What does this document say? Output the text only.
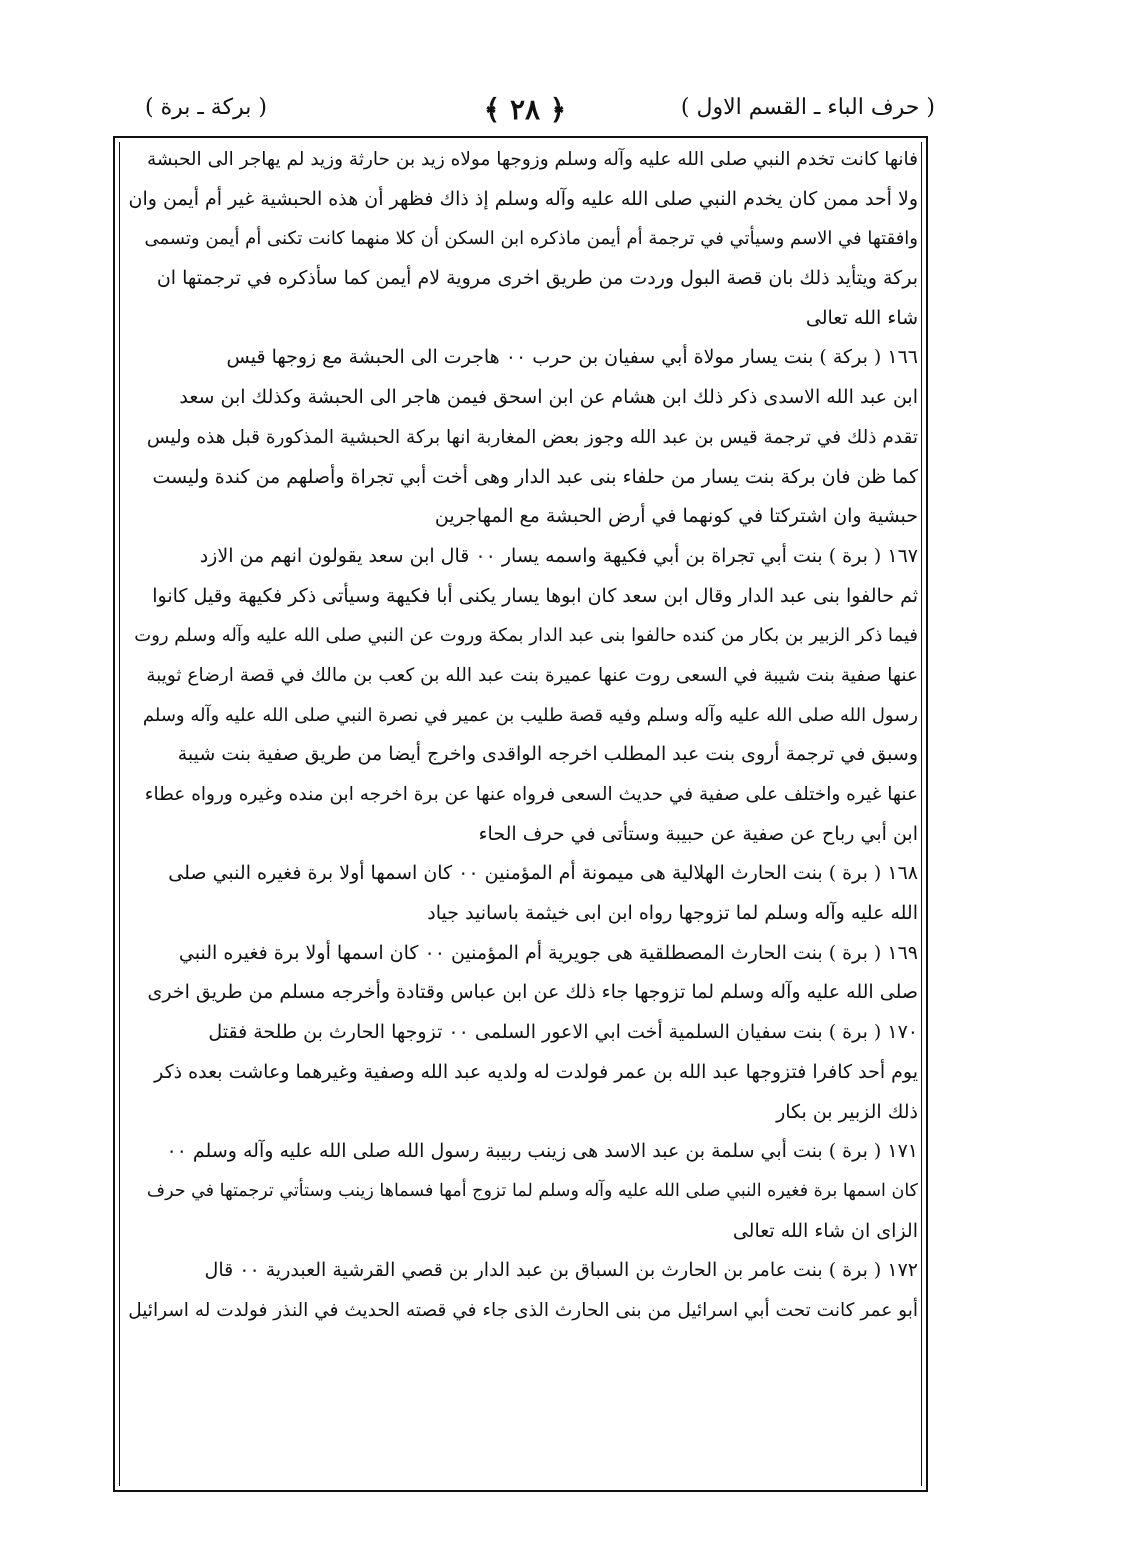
( حرف الباء ـ القسم الاول )
﴿ ٢٨ ﴾
( بركة ـ برة )
فانها كانت تخدم النبي صلى الله عليه وآله وسلم وزوجها مولاه زيد بن حارثة وزيد لم يهاجر الى الحبشة
ولا أحد ممن كان يخدم النبي صلى الله عليه وآله وسلم إذ ذاك فظهر أن هذه الحبشية غير أم أيمن وان
وافقتها في الاسم وسيأتي في ترجمة أم أيمن ماذكره ابن السكن أن كلا منهما كانت تكنى أم أيمن وتسمى
بركة ويتأيد ذلك بان قصة البول وردت من طريق اخرى مروية لام أيمن كما سأذكره في ترجمتها ان
شاء الله تعالى
١٦٦ ( بركة ) بنت يسار مولاة أبي سفيان بن حرب ٠٠ هاجرت الى الحبشة مع زوجها قيس
ابن عبد الله الاسدى ذكر ذلك ابن هشام عن ابن اسحق فيمن هاجر الى الحبشة وكذلك ابن سعد
تقدم ذلك في ترجمة قيس بن عبد الله وجوز بعض المغاربة انها بركة الحبشية المذكورة قبل هذه وليس
كما ظن فان بركة بنت يسار من حلفاء بنى عبد الدار وهى أخت أبي تجراة وأصلهم من كندة وليست
حبشية وان اشتركتا في كونهما في أرض الحبشة مع المهاجرين
١٦٧ ( برة ) بنت أبي تجراة بن أبي فكيهة واسمه يسار ٠٠ قال ابن سعد يقولون انهم من الازد
ثم حالفوا بنى عبد الدار وقال ابن سعد كان ابوها يسار يكنى أبا فكيهة وسيأتى ذكر فكيهة وقيل كانوا
فيما ذكر الزبير بن بكار من كنده حالفوا بنى عبد الدار بمكة وروت عن النبي صلى الله عليه وآله وسلم روت
عنها صفية بنت شيبة في السعى روت عنها عميرة بنت عبد الله بن كعب بن مالك في قصة ارضاع ثويبة
رسول الله صلى الله عليه وآله وسلم وفيه قصة طليب بن عمير في نصرة النبي صلى الله عليه وآله وسلم
وسبق في ترجمة أروى بنت عبد المطلب اخرجه الواقدى واخرج أيضا من طريق صفية بنت شيبة
عنها غيره واختلف على صفية في حديث السعى فرواه عنها عن برة اخرجه ابن منده وغيره ورواه عطاء
ابن أبي رباح عن صفية عن حبيبة وستأتى في حرف الحاء
١٦٨ ( برة ) بنت الحارث الهلالية هى ميمونة أم المؤمنين ٠٠ كان اسمها أولا برة فغيره النبي صلى
الله عليه وآله وسلم لما تزوجها رواه ابن ابى خيثمة باسانيد جياد
١٦٩ ( برة ) بنت الحارث المصطلقية هى جويرية أم المؤمنين ٠٠ كان اسمها أولا برة فغيره النبي
صلى الله عليه وآله وسلم لما تزوجها جاء ذلك عن ابن عباس وقتادة وأخرجه مسلم من طريق اخرى
١٧٠ ( برة ) بنت سفيان السلمية أخت ابي الاعور السلمى ٠٠ تزوجها الحارث بن طلحة فقتل
يوم أحد كافرا فتزوجها عبد الله بن عمر فولدت له ولديه عبد الله وصفية وغيرهما وعاشت بعده ذكر
ذلك الزبير بن بكار
١٧١ ( برة ) بنت أبي سلمة بن عبد الاسد هى زينب ربيبة رسول الله صلى الله عليه وآله وسلم ٠٠
كان اسمها برة فغيره النبي صلى الله عليه وآله وسلم لما تزوج أمها فسماها زينب وستأتي ترجمتها في حرف
الزاى ان شاء الله تعالى
١٧٢ ( برة ) بنت عامر بن الحارث بن السباق بن عبد الدار بن قصي القرشية العبدرية ٠٠ قال
أبو عمر كانت تحت أبي اسرائيل من بنى الحارث الذى جاء في قصته الحديث في النذر فولدت له اسرائيل
